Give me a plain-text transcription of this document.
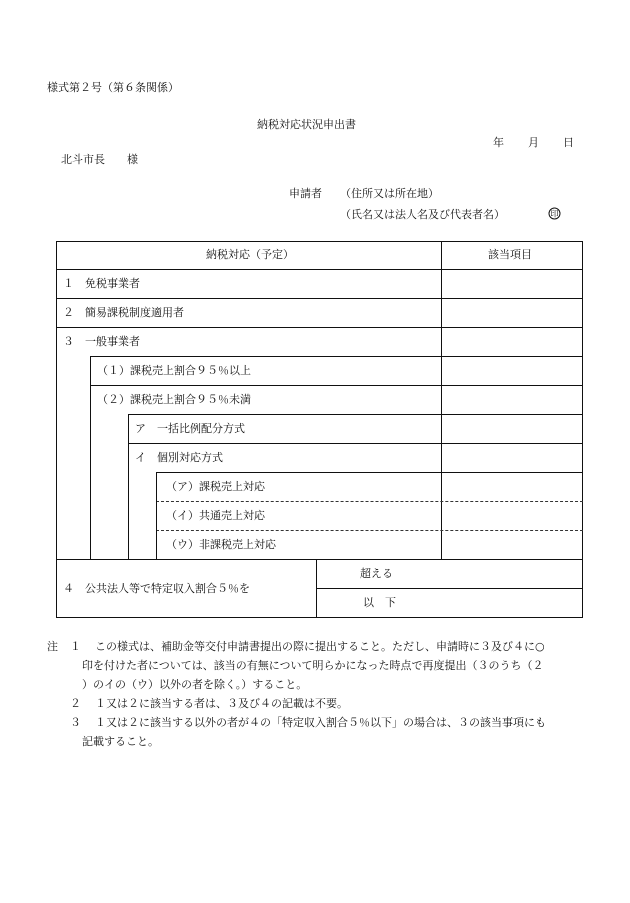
様式第２号（第６条関係）
納税対応状況申出書
年 月 日
北斗市長　　様
申請者 （住所又は所在地）
（氏名又は法人名及び代表者名）	印
納税対応（予定）	該当項目
１　免税事業者
２　簡易課税制度適用者
３　一般事業者
（１）課税売上割合９５％以上
（２）課税売上割合９５％未満
ア　一括比例配分方式
イ　個別対応方式
（ア）課税売上対応
（イ）共通売上対応
（ウ）非課税売上対応
４　公共法人等で特定収入割合５％を
超える
以　下
注 １ この様式は、補助金等交付申請書提出の際に提出すること。ただし、申請時に３及び４に○
印を付けた者については、該当の有無について明らかになった時点で再度提出（３のうち（２
）のイの（ウ）以外の者を除く。）すること。
２ １又は２に該当する者は、３及び４の記載は不要。
３ １又は２に該当する以外の者が４の「特定収入割合５％以下」の場合は、３の該当事項にも
記載すること。
